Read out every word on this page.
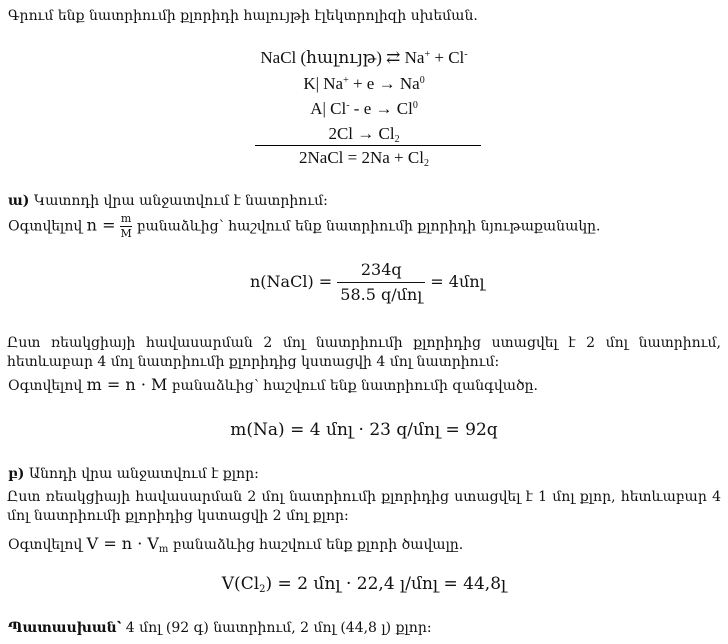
Գրում ենք նատրիումի քլորիդի հալույթի էլեկտրոլիզի սխեման.
NaCl (հալույթ) ⇄ Na+ + Cl-
K| $Na^+ + e \to Na^0$
A| $Cl^- - e \to Cl^0$
$2Cl \to Cl_2$
2NaCl = $2Na + Cl_2$
ա) Կատոդի վրա անջատվում է նատրիում:
Օգտվելով $n = \frac{m}{M}$ բանաձևից՝ հաշվում ենք նատրիումի քլորիդի նյութաքանակը.
n(NaCl) = $\frac{234q}{\text{58.5 q/մոլ}}$ = 4մոլ
Ըստ ռեակցիայի հավասարման 2 մոլ նատրիումի քլորիդից ստացվել է 2 մոլ նատրիում, հետևաբար 4 մոլ նատրիումի քլորիդից կստացվի 4 մոլ նատրիում:
Օգտվելով m = n · M բանաձևից՝ հաշվում ենք նատրիումի զանգվածը.
m(Na) = 4 մոլ · 23 q/մոլ = 92q
բ) Անոդի վրա անջատվում է քլոր:
Ըստ ռեակցիայի հավասարման 2 մոլ նատրիումի քլորիդից ստացվել է 1 մոլ քլոր, հետևաբար 4 մոլ նատրիումի քլորիդից կստացվի 2 մոլ քլոր:
Օգտվելով $V = n \cdot V_m$ բանաձևից հաշվում ենք քլորի ծավալը.
$V(Cl_2) = 2$ մոլ · 22,4 լ/մոլ = 44,8լ
Պատասխան՝ 4 մոլ (92 գ) նատրիում, 2 մոլ (44,8 լ) քլոր:
